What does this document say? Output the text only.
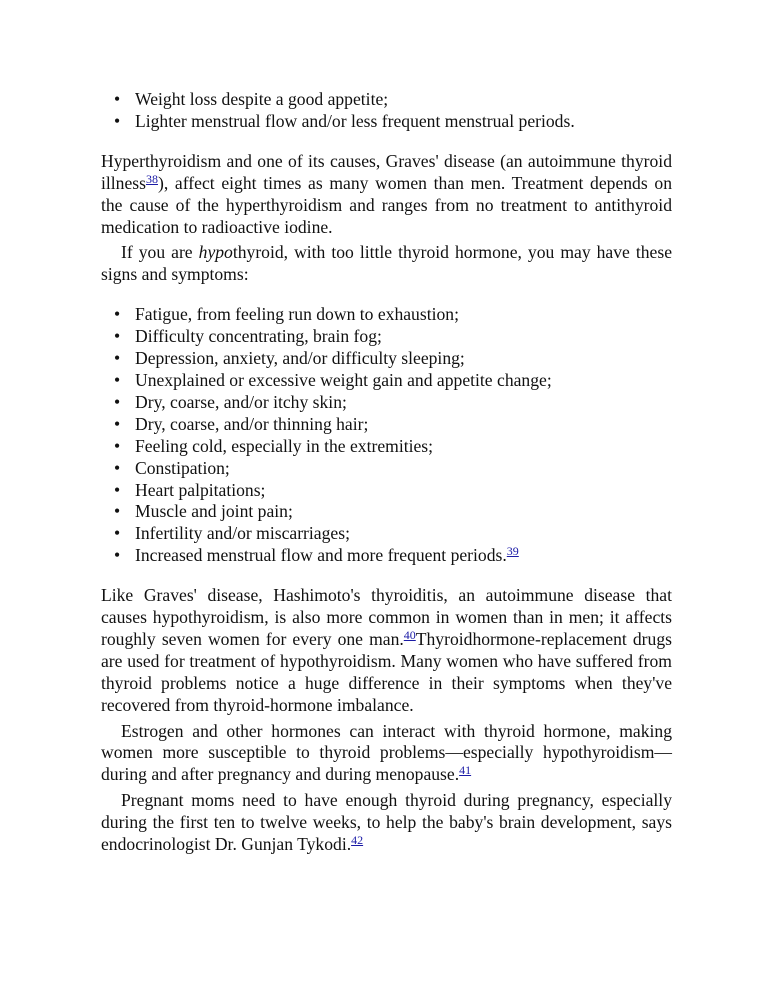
• Weight loss despite a good appetite;
• Lighter menstrual flow and/or less frequent menstrual periods.

Hyperthyroidism and one of its causes, Graves' disease (an autoimmune thyroid illness$^{38}$), affect eight times as many women than men. Treatment depends on the cause of the hyperthyroidism and ranges from no treatment to antithyroid medication to radioactive iodine.

If you are hypothyroid, with too little thyroid hormone, you may have these signs and symptoms:

• Fatigue, from feeling run down to exhaustion;
• Difficulty concentrating, brain fog;
• Depression, anxiety, and/or difficulty sleeping;
• Unexplained or excessive weight gain and appetite change;
• Dry, coarse, and/or itchy skin;
• Dry, coarse, and/or thinning hair;
• Feeling cold, especially in the extremities;
• Constipation;
• Heart palpitations;
• Muscle and joint pain;
• Infertility and/or miscarriages;
• Increased menstrual flow and more frequent periods.$^{39}$

Like Graves' disease, Hashimoto's thyroiditis, an autoimmune disease that causes hypothyroidism, is also more common in women than in men; it affects roughly seven women for every one man.$^{40}$Thyroidhormone-replacement drugs are used for treatment of hypothyroidism. Many women who have suffered from thyroid problems notice a huge difference in their symptoms when they've recovered from thyroid-hormone imbalance.

Estrogen and other hormones can interact with thyroid hormone, making women more susceptible to thyroid problems—especially hypothyroidism—during and after pregnancy and during menopause.$^{41}$

Pregnant moms need to have enough thyroid during pregnancy, especially during the first ten to twelve weeks, to help the baby's brain development, says endocrinologist Dr. Gunjan Tykodi.$^{42}$
